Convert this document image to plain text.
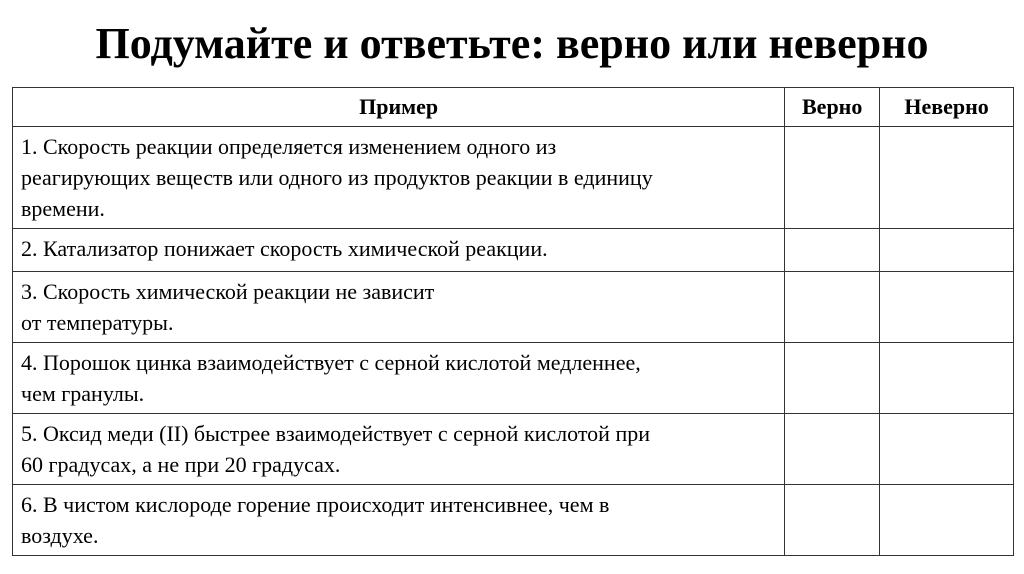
Подумайте и ответьте: верно или неверно
Пример	Верно	Неверно
1. Скорость реакции определяется изменением одного из
реагирующих веществ или одного из продуктов реакции в единицу
времени.		
2. Катализатор понижает скорость химической реакции.		
3. Скорость химической реакции не зависит
от температуры.		
4. Порошок цинка взаимодействует с серной кислотой медленнее,
чем гранулы.		
5. Оксид меди (II) быстрее взаимодействует с серной кислотой при
60 градусах, а не при 20 градусах.		
6. В чистом кислороде горение происходит интенсивнее, чем в
воздухе.		
